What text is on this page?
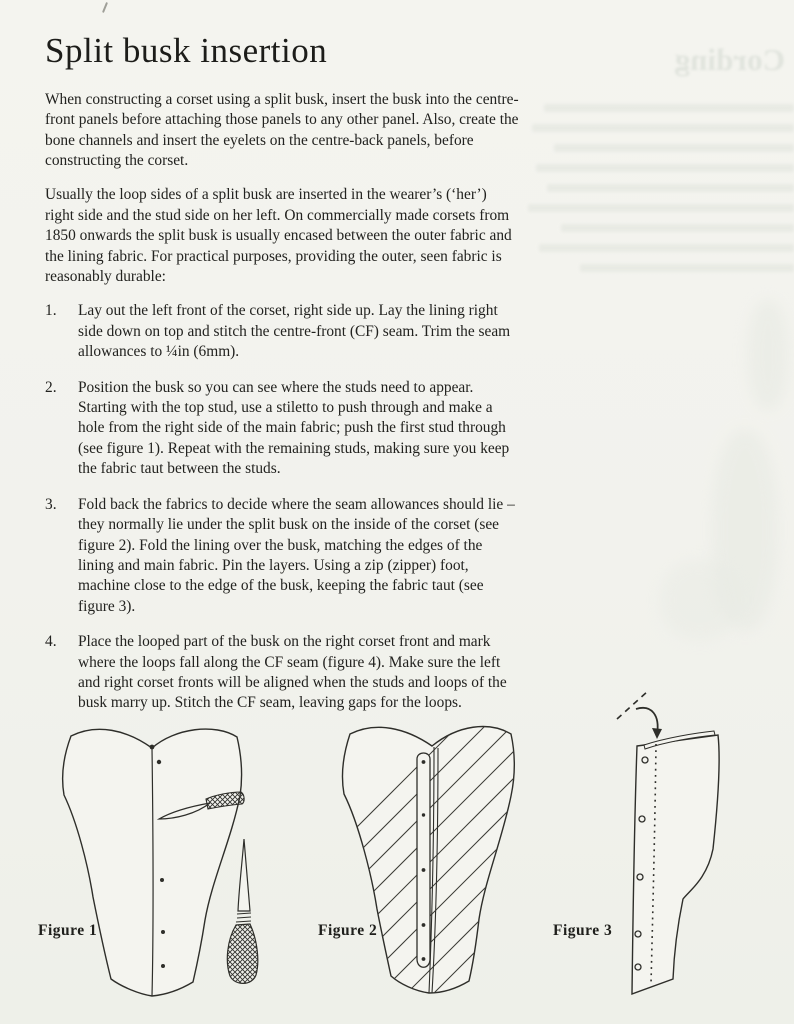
Cording
Split busk insertion

When constructing a corset using a split busk, insert the busk into the centre-front panels before attaching those panels to any other panel. Also, create the bone channels and insert the eyelets on the centre-back panels, before constructing the corset.

Usually the loop sides of a split busk are inserted in the wearer’s (‘her’) right side and the stud side on her left. On commercially made corsets from 1850 onwards the split busk is usually encased between the outer fabric and the lining fabric. For practical purposes, providing the outer, seen fabric is reasonably durable:

1.	Lay out the left front of the corset, right side up. Lay the lining right side down on top and stitch the centre-front (CF) seam. Trim the seam allowances to ¼in (6mm).
2.	Position the busk so you can see where the studs need to appear. Starting with the top stud, use a stiletto to push through and make a hole from the right side of the main fabric; push the first stud through (see figure 1). Repeat with the remaining studs, making sure you keep the fabric taut between the studs.
3.	Fold back the fabrics to decide where the seam allowances should lie – they normally lie under the split busk on the inside of the corset (see figure 2). Fold the lining over the busk, matching the edges of the lining and main fabric. Pin the layers. Using a zip (zipper) foot, machine close to the edge of the busk, keeping the fabric taut (see figure 3).
4.	Place the looped part of the busk on the right corset front and mark where the loops fall along the CF seam (figure 4). Make sure the left and right corset fronts will be aligned when the studs and loops of the busk marry up. Stitch the CF seam, leaving gaps for the loops.
Figure 1	Figure 2	Figure 3
